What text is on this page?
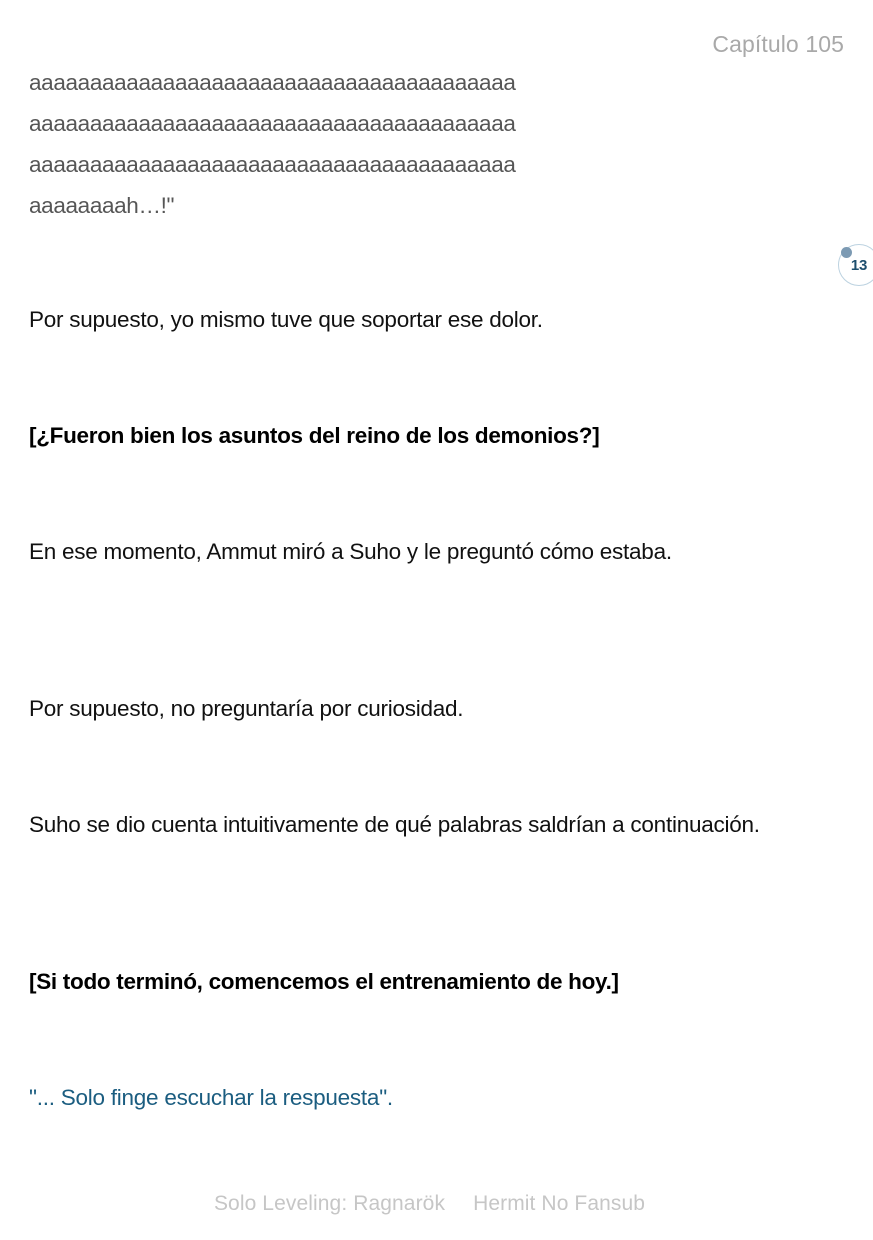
Capítulo 105
aaaaaaaaaaaaaaaaaaaaaaaaaaaaaaaaaaaaaaaa
aaaaaaaaaaaaaaaaaaaaaaaaaaaaaaaaaaaaaaaa
aaaaaaaaaaaaaaaaaaaaaaaaaaaaaaaaaaaaaaaa
aaaaaaaah…!"
13
Por supuesto, yo mismo tuve que soportar ese dolor.
[¿Fueron bien los asuntos del reino de los demonios?]
En ese momento, Ammut miró a Suho y le preguntó cómo estaba.
Por supuesto, no preguntaría por curiosidad.
Suho se dio cuenta intuitivamente de qué palabras saldrían a continuación.
[Si todo terminó, comencemos el entrenamiento de hoy.]
"... Solo finge escuchar la respuesta".
Solo Leveling: Ragnarök Hermit No Fansub
